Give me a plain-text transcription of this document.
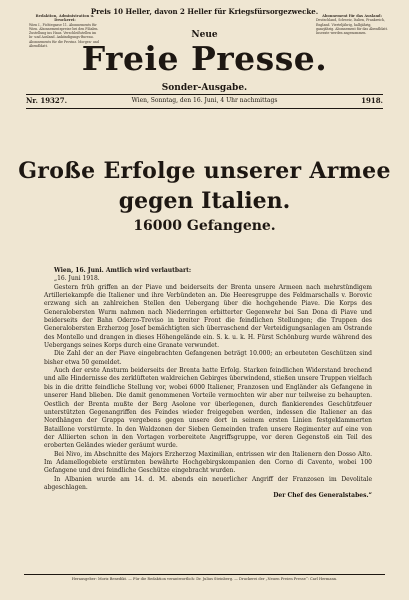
Preis 10 Heller, davon 2 Heller für Kriegsfürsorgezwecke.
Redaktion, Administration u. Druckerei:
Wien I., Fichtegasse 11. Abonnements für Wien. Abonnementspreise bei den Filialen. Zustellung ins Haus. Verschleißstellen im In- und Ausland. Ankündigungs-Bureau. Abonnements für die Provinz. Morgen- und Abendblatt.
Abonnement für das Ausland:
Deutschland, Schweiz, Italien, Frankreich, England. Vierteljährig, halbjährig, ganzjährig. Abonnement für das Abendblatt. Inserate werden angenommen.
Neue
Freie Presse.
Sonder-Ausgabe.
Nr. 19327.	Wien, Sonntag, den 16. Juni, 4 Uhr nachmittags	1918.
Große Erfolge unserer Armee
gegen Italien.
16000 Gefangene.

Wien, 16. Juni. Amtlich wird verlautbart:

„16. Juni 1918.

Gestern früh griffen an der Piave und beiderseits der Brenta unsere Armeen nach mehrstündigem Artilleriekampfe die Italiener und ihre Verbündeten an. Die Heeresgruppe des Feldmarschalls v. Borovic erzwang sich an zahlreichen Stellen den Uebergang über die hochgehende Piave. Die Korps des Generalobersten Wurm nahmen nach Niederringen erbitterter Gegenwehr bei San Dona di Piave und beiderseits der Bahn Oderzo-Treviso in breiter Front die feindlichen Stellungen; die Truppen des Generalobersten Erzherzog Josef bemächtigten sich überraschend der Verteidigungsanlagen am Ostrande des Montello und drangen in dieses Höhengelände ein. S. k. u. k. H. Fürst Schönburg wurde während des Uebergangs seines Korps durch eine Granate verwundet.

Die Zahl der an der Piave eingebrachten Gefangenen beträgt 10.000; an erbeuteten Geschützen sind bisher etwa 50 gemeldet.

Auch der erste Ansturm beiderseits der Brenta hatte Erfolg. Starken feindlichen Widerstand brechend und alle Hindernisse des zerklüfteten waldreichen Gebirges überwindend, stießen unsere Truppen vielfach bis in die dritte feindliche Stellung vor, wobei 6000 Italiener, Franzosen und Engländer als Gefangene in unserer Hand blieben. Die damit genommenen Vorteile vermochten wir aber nur teilweise zu behaupten. Oestlich der Brenta mußte der Berg Asolone vor überlegenen, durch flankierendes Geschützfeuer unterstützten Gegenangriffen des Feindes wieder freigegeben werden, indessen die Italiener an das Nordhängen der Grappa vergebens gegen unsere dort in seinem ersten Linien festgeklammerten Bataillone vorstürmte. In den Waldzonen der Sieben Gemeinden trafen unsere Regimenter auf eine von der Alliierten schon in den Vortagen vorbereitete Angriffsgruppe, vor deren Gegenstoß ein Teil des eroberten Geländes wieder geräumt wurde.

Bei Nivo, im Abschnitte des Majors Erzherzog Maximilian, entrissen wir den Italienern den Dosso Alto. Im Adamellogebiete erstürmten bewährte Hochgebirgskompanien den Corno di Cavento, wobei 100 Gefangene und drei feindliche Geschütze eingebracht wurden.

In Albanien wurde am 14. d. M. abends ein neuerlicher Angriff der Franzosen im Devolitale abgeschlagen.

Der Chef des Generalstabes.“

Herausgeber: Moriz Benedikt. — Für die Redaktion verantwortlich: Dr. Julius Steinberg. — Druckerei der „Neuen Freien Presse“: Carl Hermann.
